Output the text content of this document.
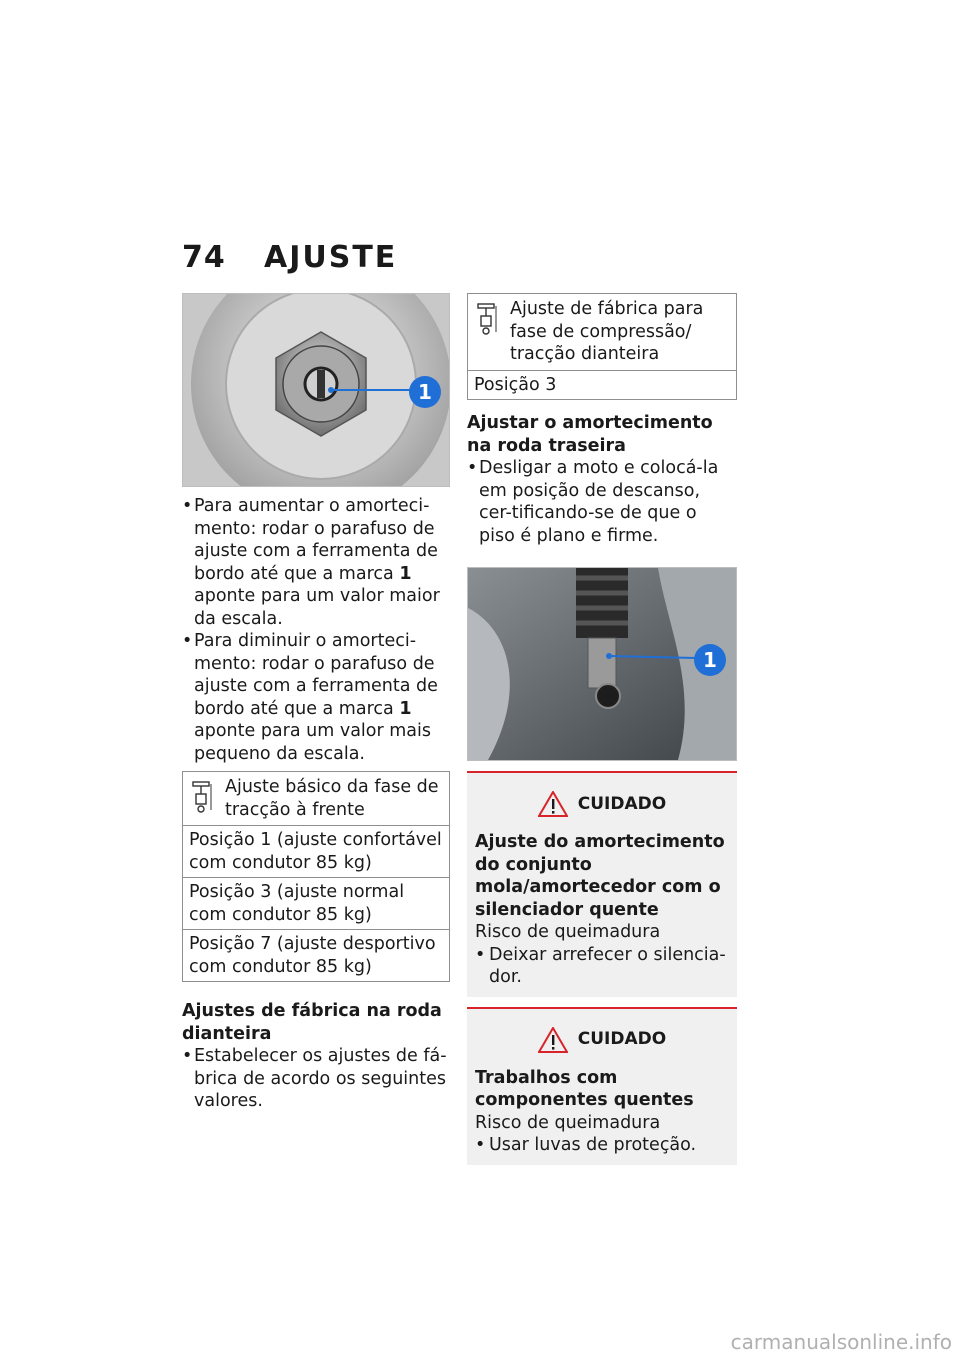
74 AJUSTE
1
• Para aumentar o amorteci-mento: rodar o parafuso de ajuste com a ferramenta de bordo até que a marca 1 aponte para um valor maior da escala.
• Para diminuir o amorteci-mento: rodar o parafuso de ajuste com a ferramenta de bordo até que a marca 1 aponte para um valor mais pequeno da escala.
Ajuste básico da fase de tracção à frente
Posição 1 (ajuste confortável com condutor 85 kg)
Posição 3 (ajuste normal com condutor 85 kg)
Posição 7 (ajuste desportivo com condutor 85 kg)
Ajustes de fábrica na roda dianteira
• Estabelecer os ajustes de fá-brica de acordo os seguintes valores.
Ajuste de fábrica para fase de compressão/ tracção dianteira
Posição 3
Ajustar o amortecimento na roda traseira
• Desligar a moto e colocá-la em posição de descanso, cer-tificando-se de que o piso é plano e firme.
1
CUIDADO
Ajuste do amortecimento do conjunto mola/amortecedor com o silenciador quente
Risco de queimadura
• Deixar arrefecer o silencia-dor.
CUIDADO
Trabalhos com componentes quentes
Risco de queimadura
• Usar luvas de proteção.
carmanualsonline.info
